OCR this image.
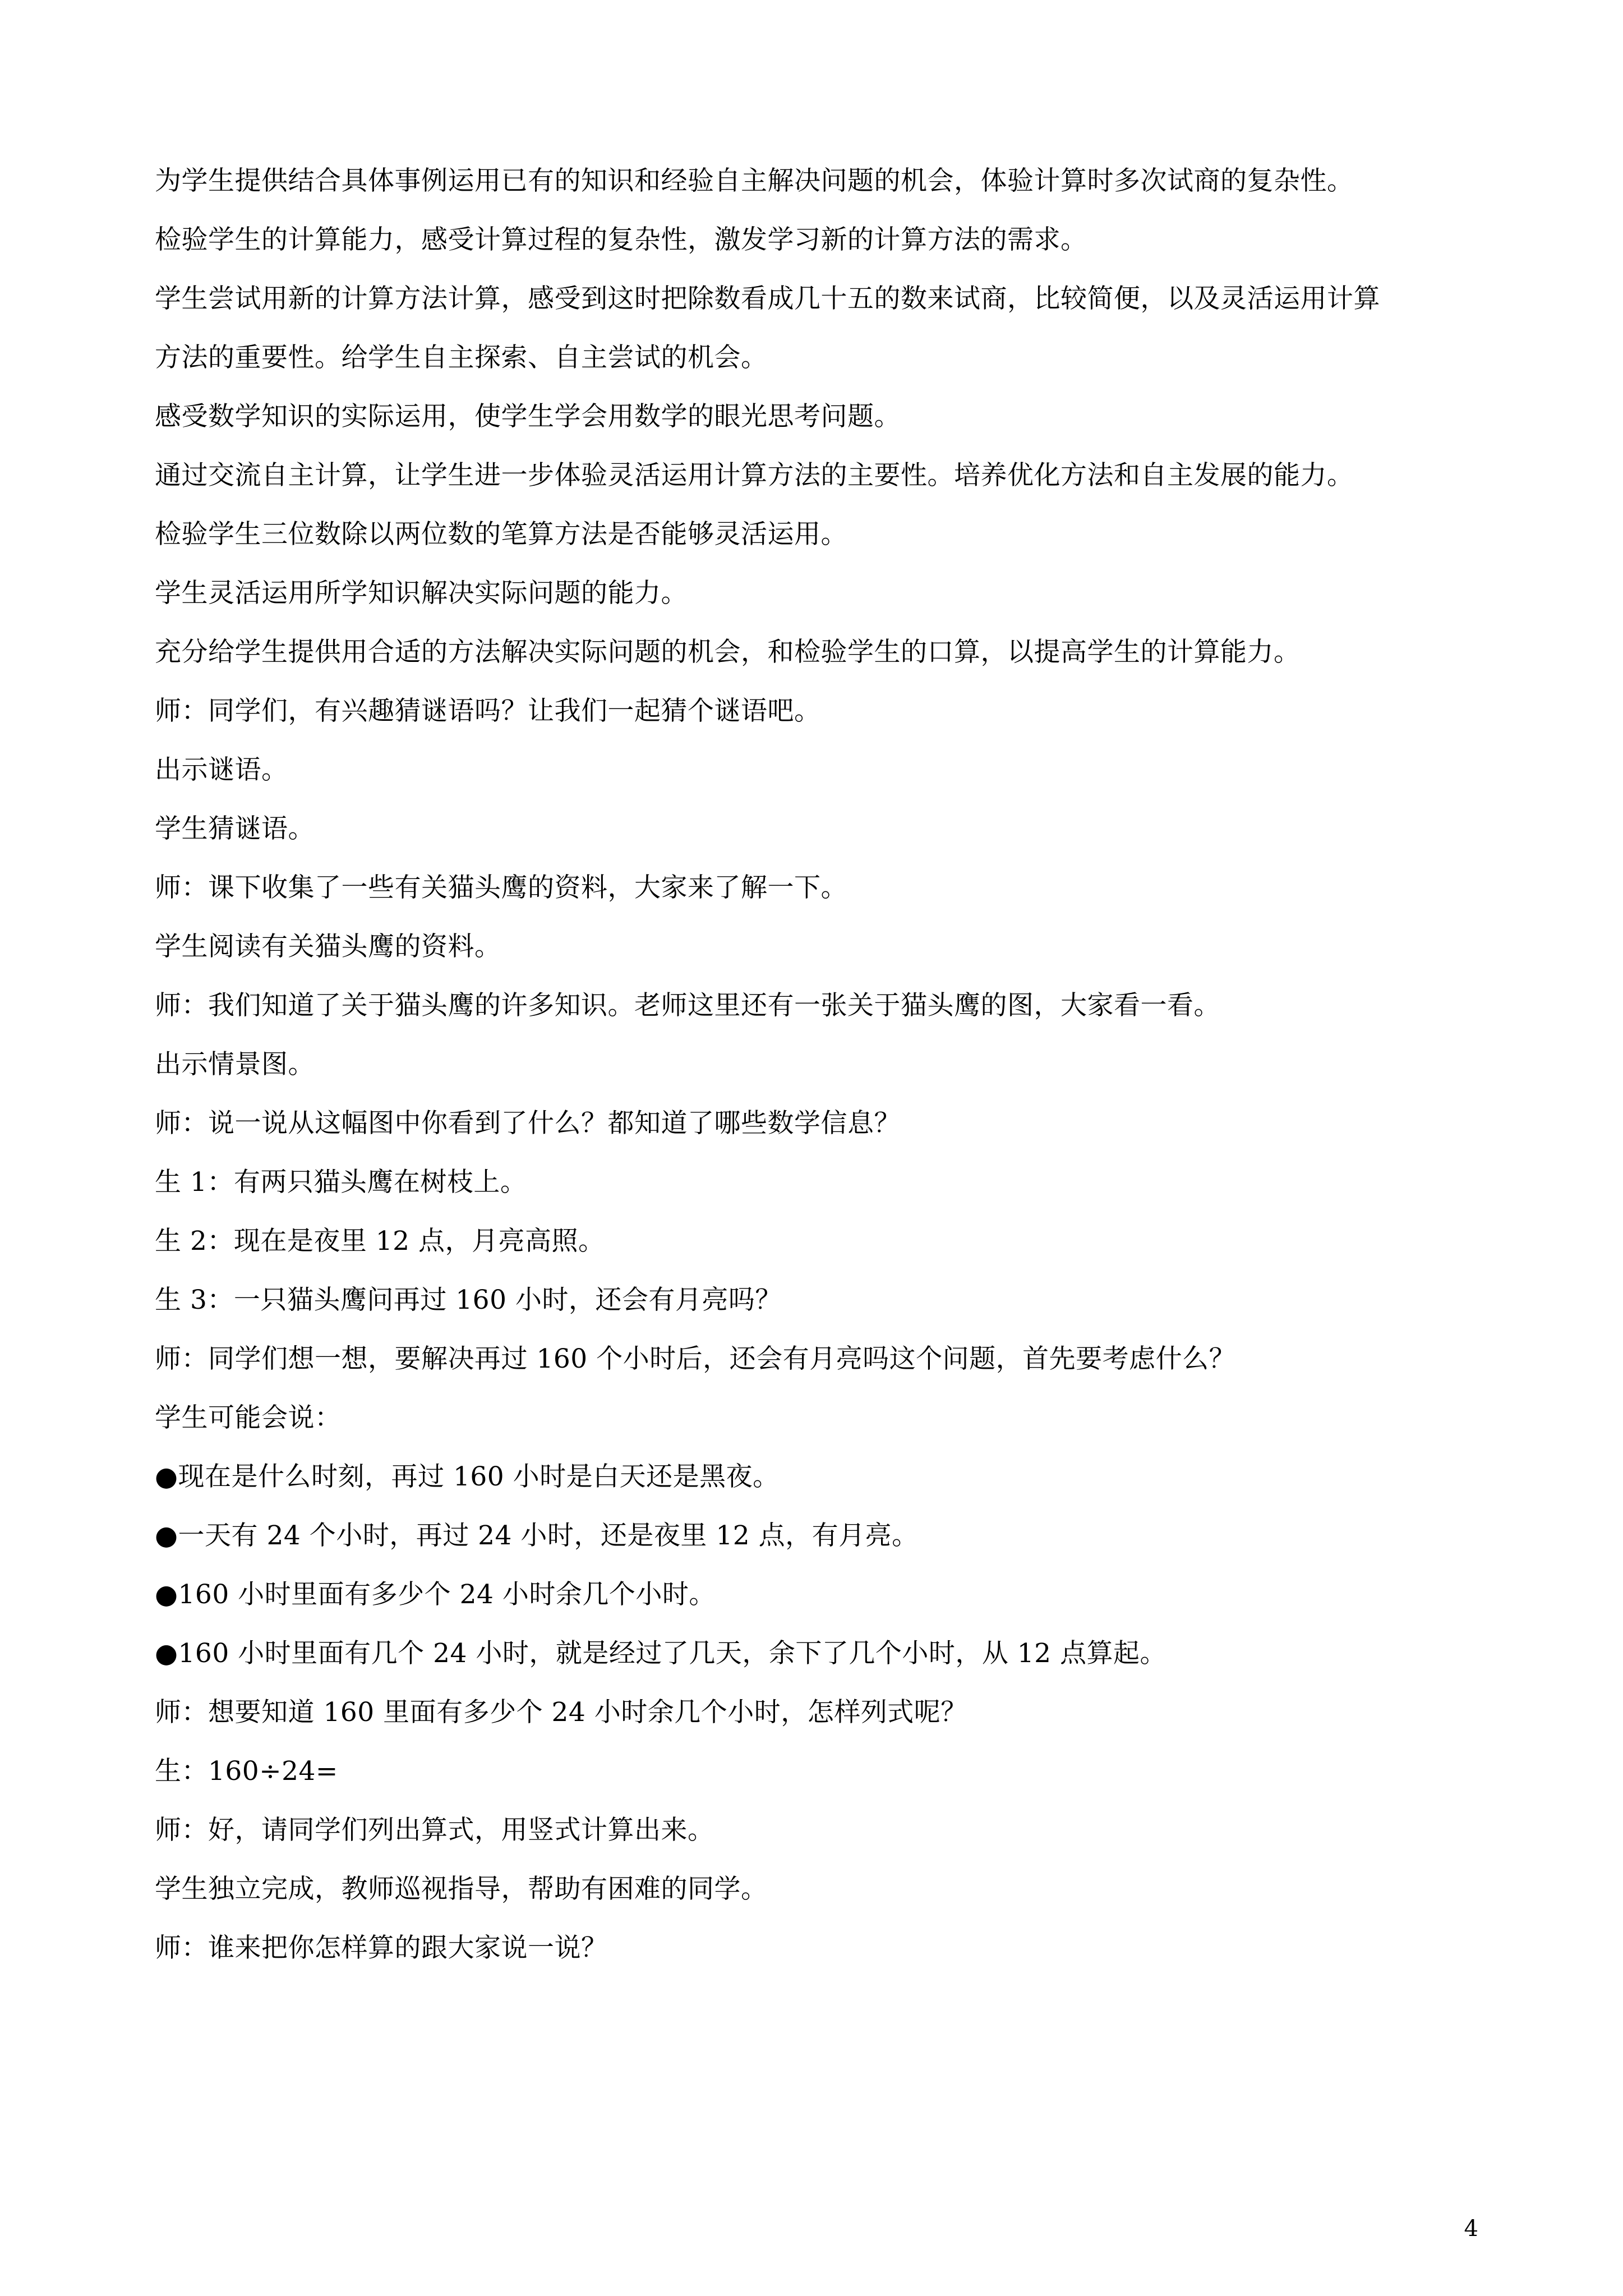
为学生提供结合具体事例运用已有的知识和经验自主解决问题的机会，体验计算时多次试商的复杂性。
检验学生的计算能力，感受计算过程的复杂性，激发学习新的计算方法的需求。
学生尝试用新的计算方法计算，感受到这时把除数看成几十五的数来试商，比较简便，以及灵活运用计算
方法的重要性。给学生自主探索、自主尝试的机会。
感受数学知识的实际运用，使学生学会用数学的眼光思考问题。
通过交流自主计算，让学生进一步体验灵活运用计算方法的主要性。培养优化方法和自主发展的能力。
检验学生三位数除以两位数的笔算方法是否能够灵活运用。
学生灵活运用所学知识解决实际问题的能力。
充分给学生提供用合适的方法解决实际问题的机会，和检验学生的口算，以提高学生的计算能力。
师：同学们，有兴趣猜谜语吗？让我们一起猜个谜语吧。
出示谜语。
学生猜谜语。
师：课下收集了一些有关猫头鹰的资料，大家来了解一下。
学生阅读有关猫头鹰的资料。
师：我们知道了关于猫头鹰的许多知识。老师这里还有一张关于猫头鹰的图，大家看一看。
出示情景图。
师：说一说从这幅图中你看到了什么？都知道了哪些数学信息？
生 1：有两只猫头鹰在树枝上。
生 2：现在是夜里 12 点，月亮高照。
生 3：一只猫头鹰问再过 160 小时，还会有月亮吗？
师：同学们想一想，要解决再过 160 个小时后，还会有月亮吗这个问题，首先要考虑什么？
学生可能会说：
●现在是什么时刻，再过 160 小时是白天还是黑夜。
●一天有 24 个小时，再过 24 小时，还是夜里 12 点，有月亮。
●160 小时里面有多少个 24 小时余几个小时。
●160 小时里面有几个 24 小时，就是经过了几天，余下了几个小时，从 12 点算起。
师：想要知道 160 里面有多少个 24 小时余几个小时，怎样列式呢？
生：160÷24=
师：好，请同学们列出算式，用竖式计算出来。
学生独立完成，教师巡视指导，帮助有困难的同学。
师：谁来把你怎样算的跟大家说一说？
4
